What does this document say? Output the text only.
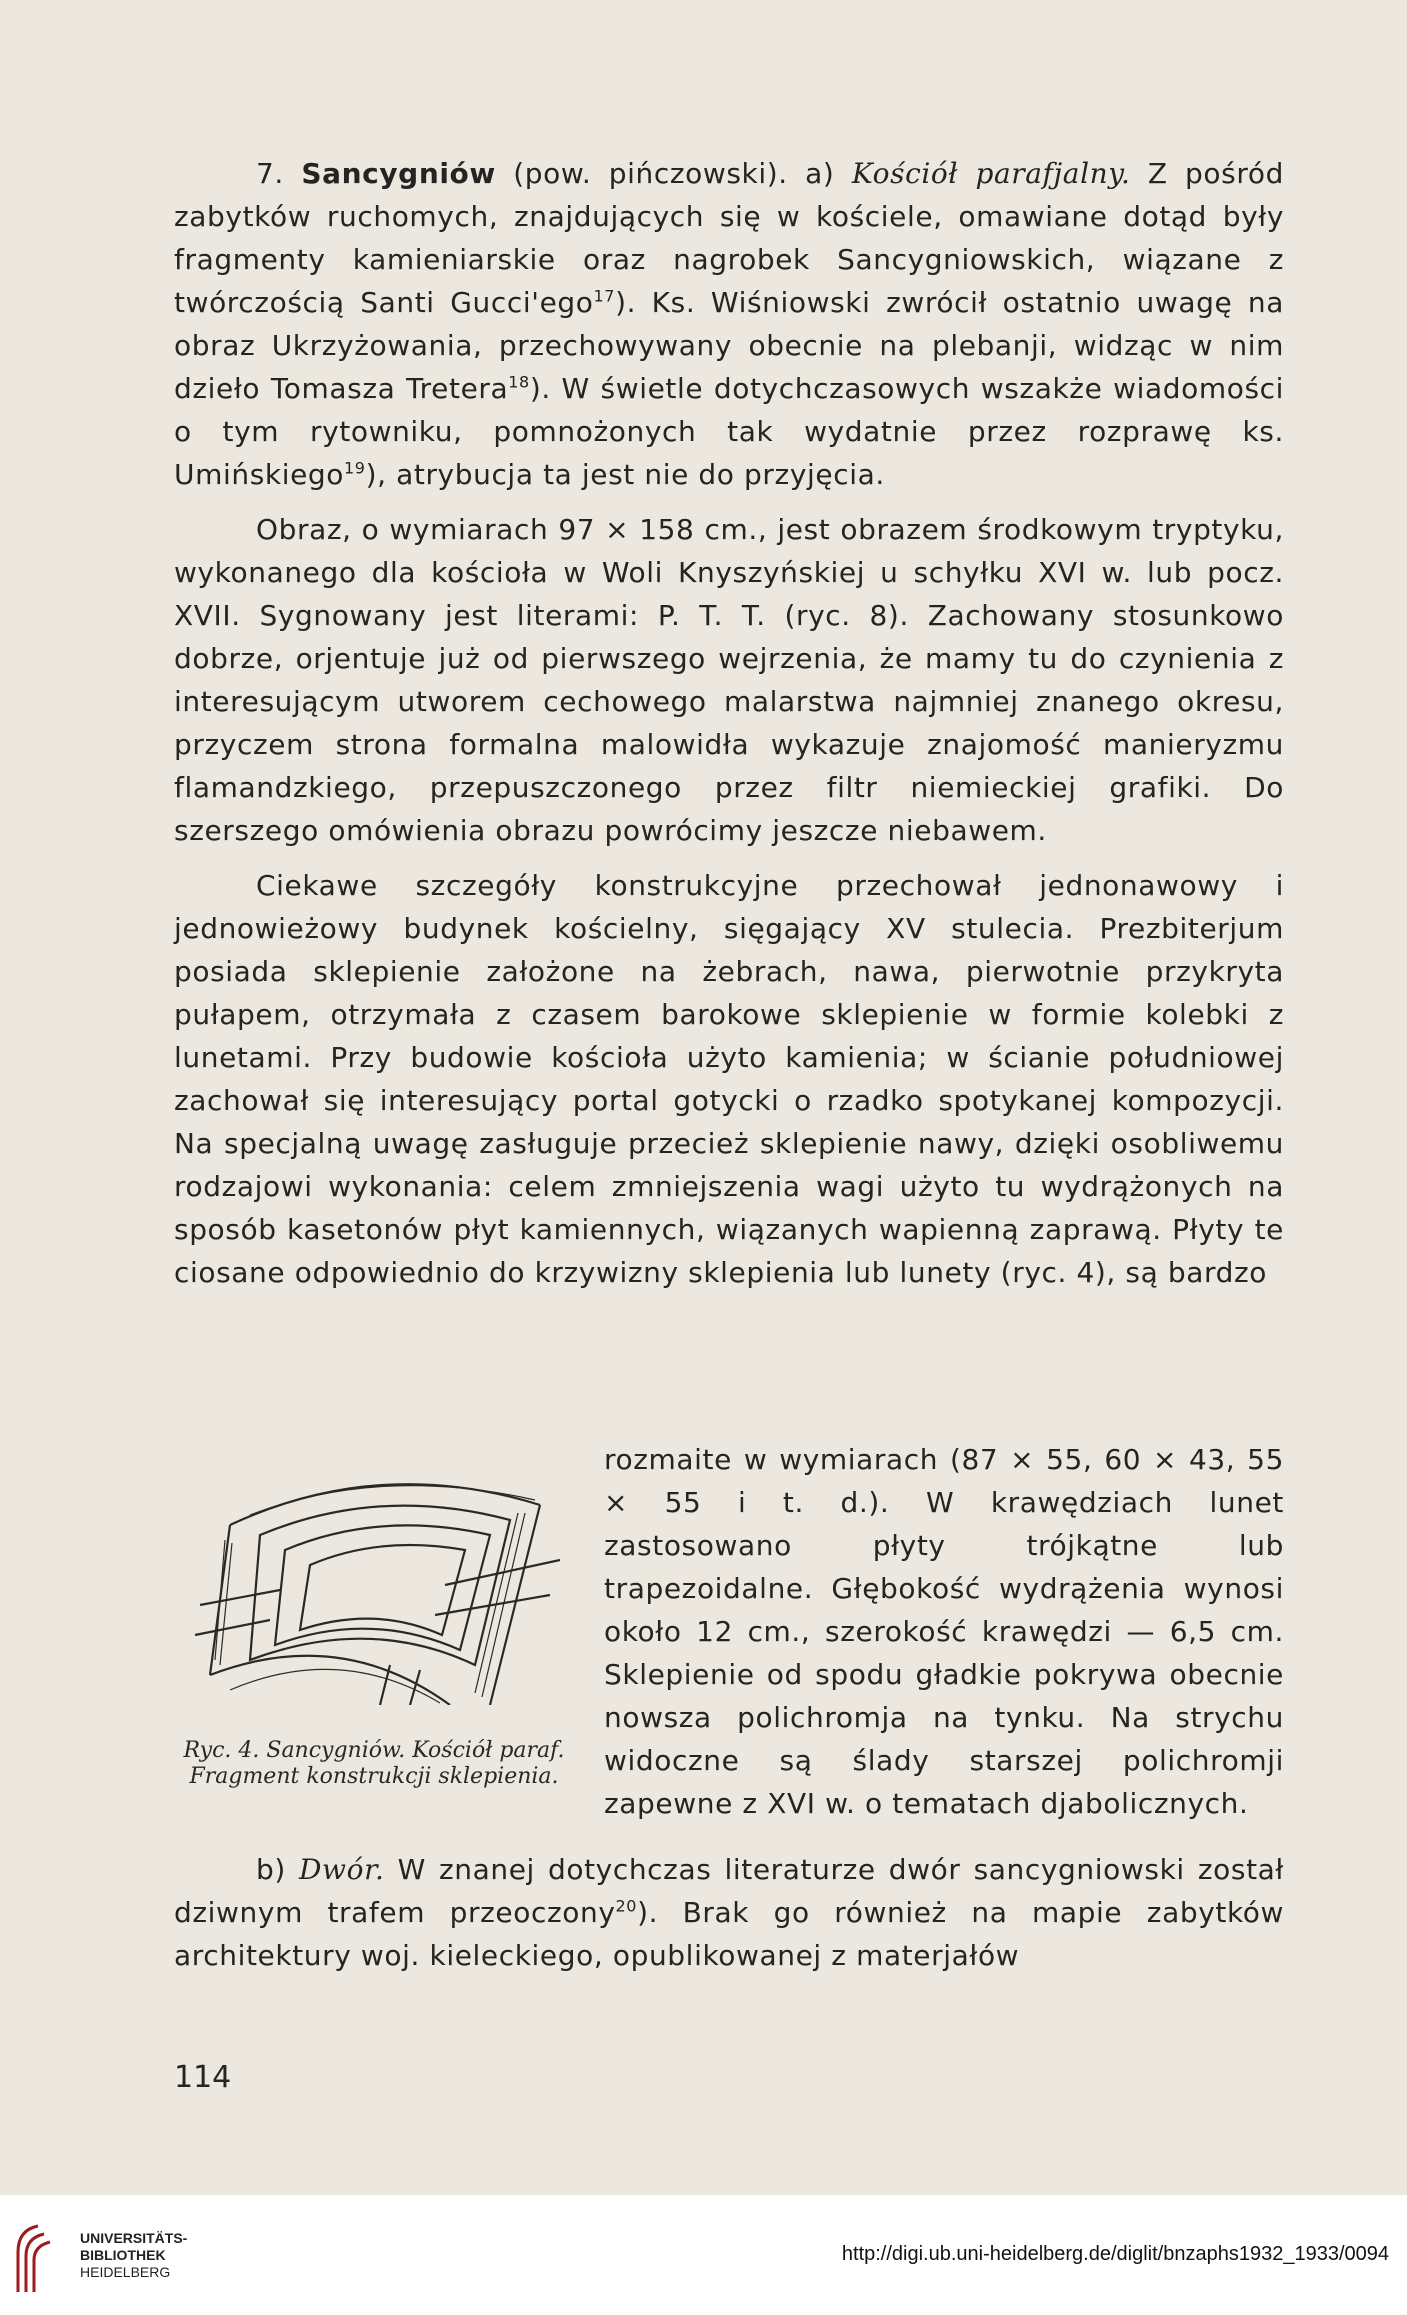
7. Sancygniów (pow. pińczowski). a) Kościół parafjalny. Z pośród zabytków ruchomych, znajdujących się w kościele, omawiane dotąd były fragmenty kamieniarskie oraz nagrobek Sancygniowskich, wiązane z twórczością Santi Gucci'ego$^{17}$). Ks. Wiśniowski zwrócił ostatnio uwagę na obraz Ukrzyżowania, przechowywany obecnie na plebanji, widząc w nim dzieło Tomasza Tretera$^{18}$). W świetle dotychczasowych wszakże wiadomości o tym rytowniku, pomnożonych tak wydatnie przez rozprawę ks. Umińskiego$^{19}$), atrybucja ta jest nie do przyjęcia.

Obraz, o wymiarach 97 × 158 cm., jest obrazem środkowym tryptyku, wykonanego dla kościoła w Woli Knyszyńskiej u schyłku XVI w. lub pocz. XVII. Sygnowany jest literami: P. T. T. (ryc. 8). Zachowany stosunkowo dobrze, orjentuje już od pierwszego wejrzenia, że mamy tu do czynienia z interesującym utworem cechowego malarstwa najmniej znanego okresu, przyczem strona formalna malowidła wykazuje znajomość manieryzmu flamandzkiego, przepuszczonego przez filtr niemieckiej grafiki. Do szerszego omówienia obrazu powrócimy jeszcze niebawem.

Ciekawe szczegóły konstrukcyjne przechował jednonawowy i jednowieżowy budynek kościelny, sięgający XV stulecia. Prezbiterjum posiada sklepienie założone na żebrach, nawa, pierwotnie przykryta pułapem, otrzymała z czasem barokowe sklepienie w formie kolebki z lunetami. Przy budowie kościoła użyto kamienia; w ścianie południowej zachował się interesujący portal gotycki o rzadko spotykanej kompozycji. Na specjalną uwagę zasługuje przecież sklepienie nawy, dzięki osobliwemu rodzajowi wykonania: celem zmniejszenia wagi użyto tu wydrążonych na sposób kasetonów płyt kamiennych, wiązanych wapienną zaprawą. Płyty te ciosane odpowiednio do krzywizny sklepienia lub lunety (ryc. 4), są bardzo

rozmaite w wymiarach (87 × 55, 60 × 43, 55 × 55 i t. d.). W krawędziach lunet zastosowano płyty trójkątne lub trapezoidalne. Głębokość wydrążenia wynosi około 12 cm., szerokość krawędzi — 6,5 cm. Sklepienie od spodu gładkie pokrywa obecnie nowsza polichromja na tynku. Na strychu widoczne są ślady starszej polichromji zapewne z XVI w. o tematach djabolicznych.
Ryc. 4. Sancygniów. Kościół paraf. Fragment konstrukcji sklepienia.

b) Dwór. W znanej dotychczas literaturze dwór sancygniowski został dziwnym trafem przeoczony$^{20}$). Brak go również na mapie zabytków architektury woj. kieleckiego, opublikowanej z materjałów

114
UNIVERSITÄTS-
BIBLIOTHEK
HEIDELBERG
http://digi.ub.uni-heidelberg.de/diglit/bnzaphs1932_1933/0094
